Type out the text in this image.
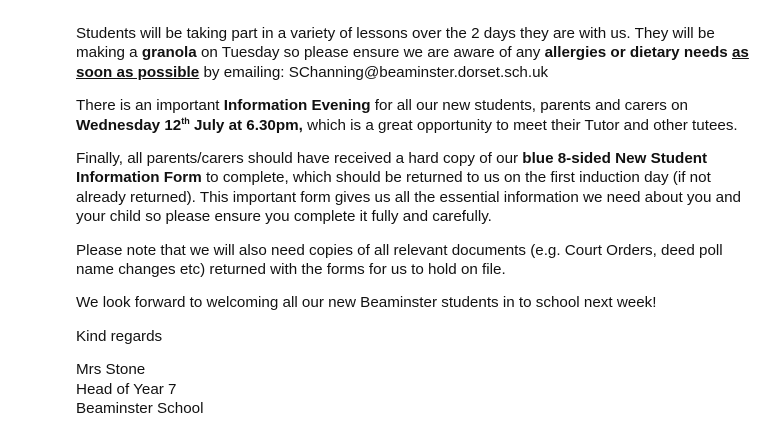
Students will be taking part in a variety of lessons over the 2 days they are with us. They will be
making a granola on Tuesday so please ensure we are aware of any allergies or dietary needs as
soon as possible by emailing: SChanning@beaminster.dorset.sch.uk

There is an important Information Evening for all our new students, parents and carers on
Wednesday 12th July at 6.30pm, which is a great opportunity to meet their Tutor and other tutees.

Finally, all parents/carers should have received a hard copy of our blue 8-sided New Student
Information Form to complete, which should be returned to us on the first induction day (if not
already returned). This important form gives us all the essential information we need about you and
your child so please ensure you complete it fully and carefully.

Please note that we will also need copies of all relevant documents (e.g. Court Orders, deed poll
name changes etc) returned with the forms for us to hold on file.

We look forward to welcoming all our new Beaminster students in to school next week!

Kind regards

Mrs Stone
Head of Year 7
Beaminster School
